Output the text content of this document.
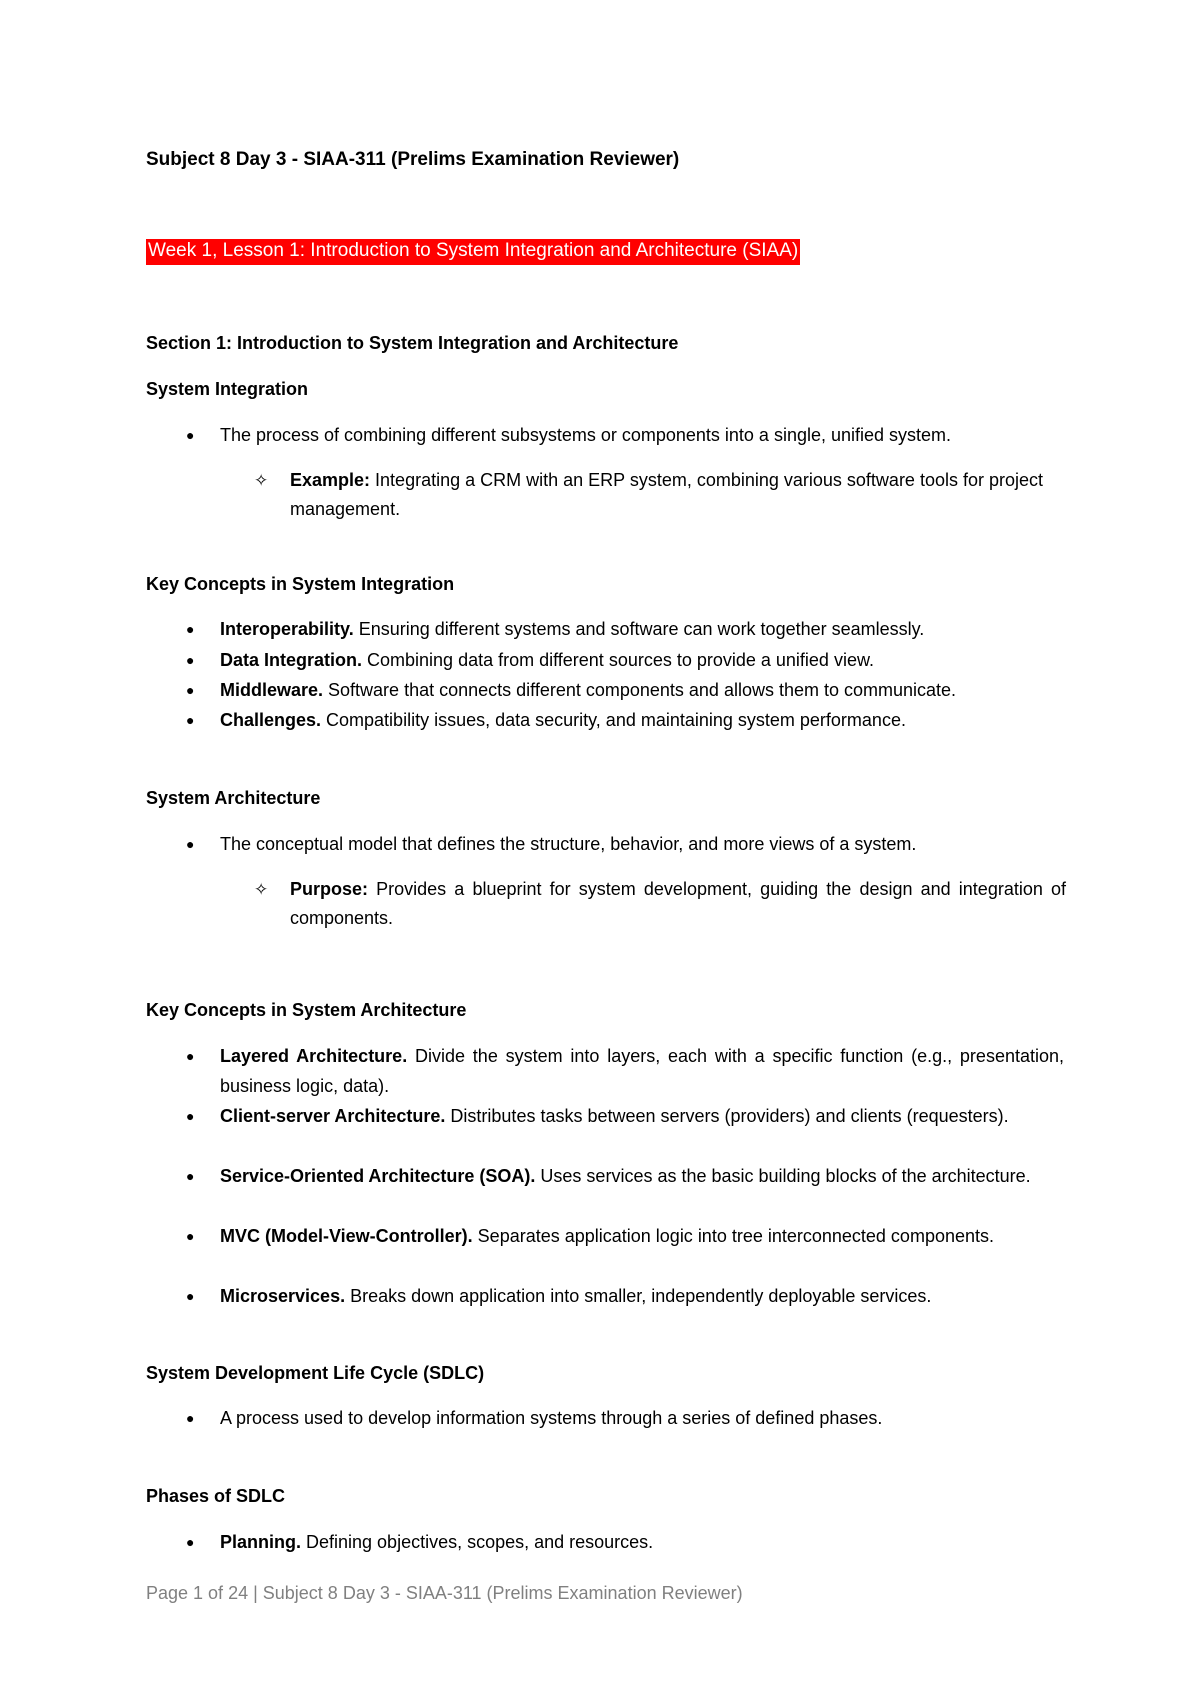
Subject 8 Day 3 - SIAA-311 (Prelims Examination Reviewer)
Week 1, Lesson 1: Introduction to System Integration and Architecture (SIAA)
Section 1: Introduction to System Integration and Architecture
System Integration
●	The process of combining different subsystems or components into a single, unified system.
✧	Example: Integrating a CRM with an ERP system, combining various software tools for project management.
Key Concepts in System Integration
●	Interoperability. Ensuring different systems and software can work together seamlessly.
●	Data Integration. Combining data from different sources to provide a unified view.
●	Middleware. Software that connects different components and allows them to communicate.
●	Challenges. Compatibility issues, data security, and maintaining system performance.
System Architecture
●	The conceptual model that defines the structure, behavior, and more views of a system.
✧	Purpose: Provides a blueprint for system development, guiding the design and integration of components.
Key Concepts in System Architecture
●	Layered Architecture. Divide the system into layers, each with a specific function (e.g., presentation, business logic, data).
●	Client-server Architecture. Distributes tasks between servers (providers) and clients (requesters).
●	Service-Oriented Architecture (SOA). Uses services as the basic building blocks of the architecture.
●	MVC (Model-View-Controller). Separates application logic into tree interconnected components.
●	Microservices. Breaks down application into smaller, independently deployable services.
System Development Life Cycle (SDLC)
●	A process used to develop information systems through a series of defined phases.
Phases of SDLC
●	Planning. Defining objectives, scopes, and resources.
Page 1 of 24 | Subject 8 Day 3 - SIAA-311 (Prelims Examination Reviewer)
